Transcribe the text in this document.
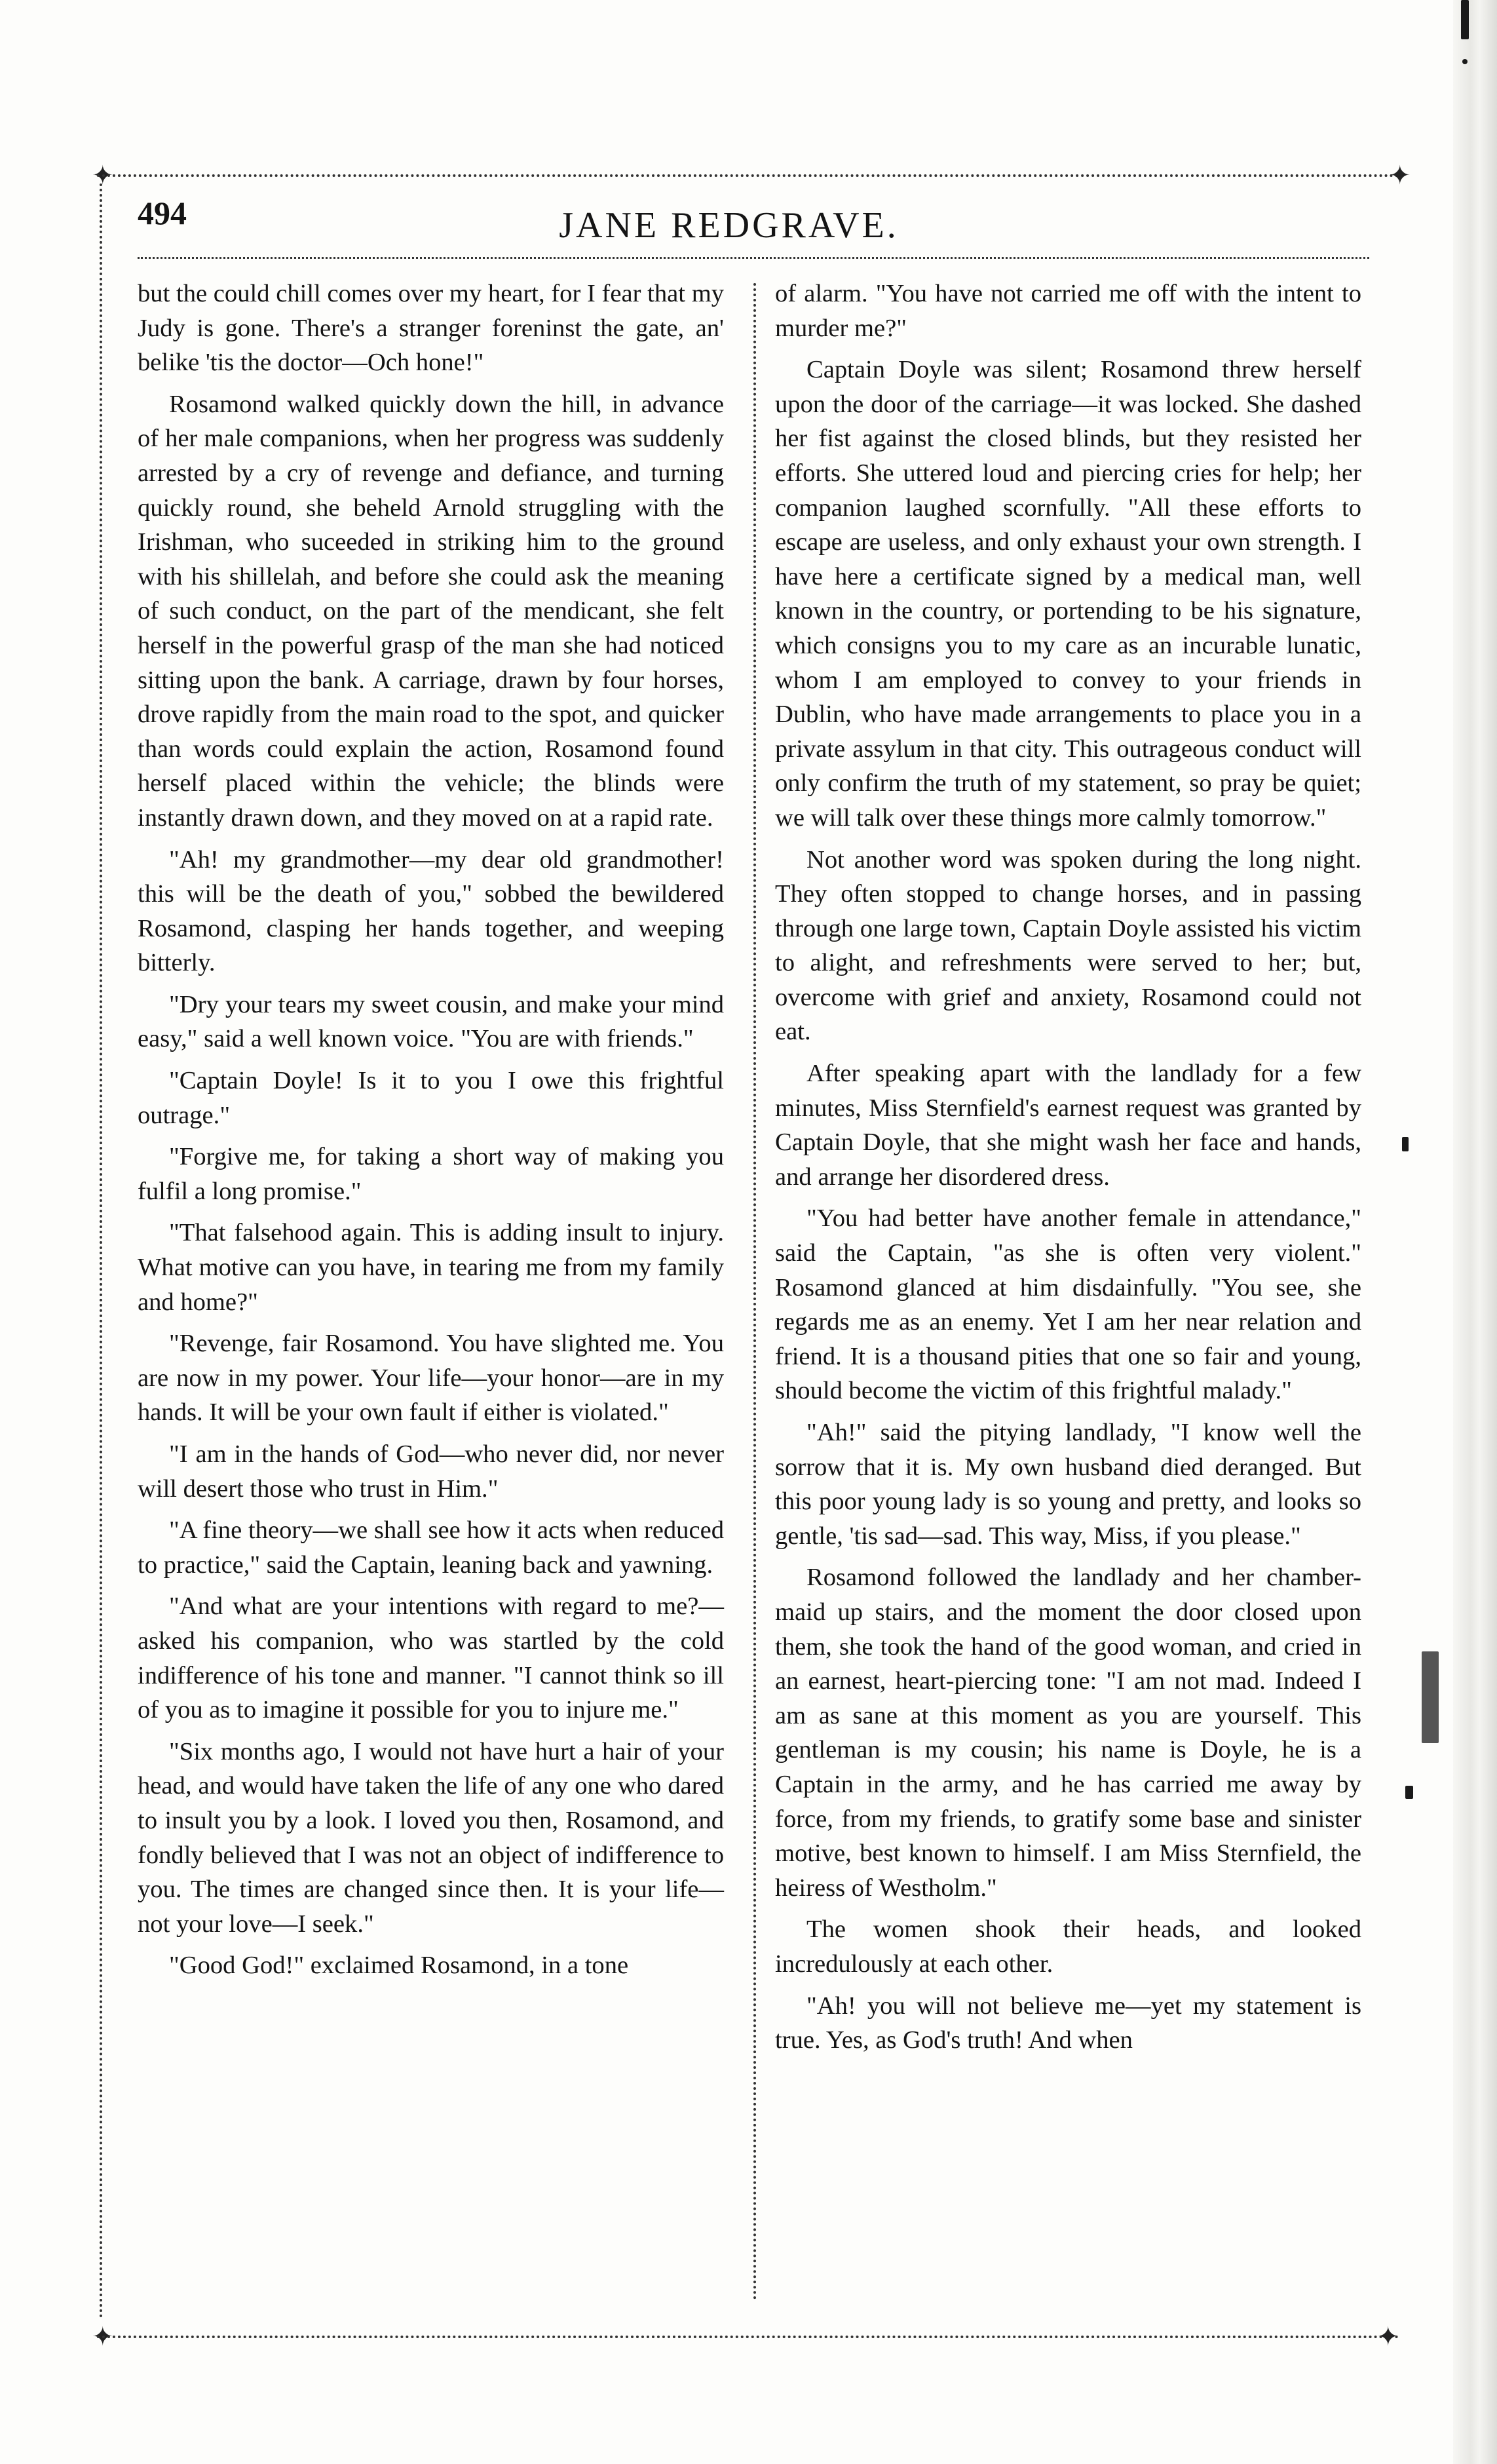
✦	✦
494	JANE REDGRAVE.

but the could chill comes over my heart, for I fear that my Judy is gone. There's a stranger foreninst the gate, an' belike 'tis the doctor—Och hone!"

Rosamond walked quickly down the hill, in advance of her male companions, when her progress was suddenly arrested by a cry of revenge and defiance, and turning quickly round, she beheld Arnold struggling with the Irishman, who suceeded in striking him to the ground with his shillelah, and before she could ask the meaning of such conduct, on the part of the mendicant, she felt herself in the powerful grasp of the man she had noticed sitting upon the bank. A carriage, drawn by four horses, drove rapidly from the main road to the spot, and quicker than words could explain the action, Rosamond found herself placed within the vehicle; the blinds were instantly drawn down, and they moved on at a rapid rate.

"Ah! my grandmother—my dear old grandmother! this will be the death of you," sobbed the bewildered Rosamond, clasping her hands together, and weeping bitterly.

"Dry your tears my sweet cousin, and make your mind easy," said a well known voice. "You are with friends."

"Captain Doyle! Is it to you I owe this frightful outrage."

"Forgive me, for taking a short way of making you fulfil a long promise."

"That falsehood again. This is adding insult to injury. What motive can you have, in tearing me from my family and home?"

"Revenge, fair Rosamond. You have slighted me. You are now in my power. Your life—your honor—are in my hands. It will be your own fault if either is violated."

"I am in the hands of God—who never did, nor never will desert those who trust in Him."

"A fine theory—we shall see how it acts when reduced to practice," said the Captain, leaning back and yawning.

"And what are your intentions with regard to me?—asked his companion, who was startled by the cold indifference of his tone and manner. "I cannot think so ill of you as to imagine it possible for you to injure me."

"Six months ago, I would not have hurt a hair of your head, and would have taken the life of any one who dared to insult you by a look. I loved you then, Rosamond, and fondly believed that I was not an object of indifference to you. The times are changed since then. It is your life—not your love—I seek."

"Good God!" exclaimed Rosamond, in a tone

of alarm. "You have not carried me off with the intent to murder me?"

Captain Doyle was silent; Rosamond threw herself upon the door of the carriage—it was locked. She dashed her fist against the closed blinds, but they resisted her efforts. She uttered loud and piercing cries for help; her companion laughed scornfully. "All these efforts to escape are useless, and only exhaust your own strength. I have here a certificate signed by a medical man, well known in the country, or portending to be his signature, which consigns you to my care as an incurable lunatic, whom I am employed to convey to your friends in Dublin, who have made arrangements to place you in a private assylum in that city. This outrageous conduct will only confirm the truth of my statement, so pray be quiet; we will talk over these things more calmly tomorrow."

Not another word was spoken during the long night. They often stopped to change horses, and in passing through one large town, Captain Doyle assisted his victim to alight, and refreshments were served to her; but, overcome with grief and anxiety, Rosamond could not eat.

After speaking apart with the landlady for a few minutes, Miss Sternfield's earnest request was granted by Captain Doyle, that she might wash her face and hands, and arrange her disordered dress.

"You had better have another female in attendance," said the Captain, "as she is often very violent." Rosamond glanced at him disdainfully. "You see, she regards me as an enemy. Yet I am her near relation and friend. It is a thousand pities that one so fair and young, should become the victim of this frightful malady."

"Ah!" said the pitying landlady, "I know well the sorrow that it is. My own husband died deranged. But this poor young lady is so young and pretty, and looks so gentle, 'tis sad—sad. This way, Miss, if you please."

Rosamond followed the landlady and her chamber-maid up stairs, and the moment the door closed upon them, she took the hand of the good woman, and cried in an earnest, heart-piercing tone: "I am not mad. Indeed I am as sane at this moment as you are yourself. This gentleman is my cousin; his name is Doyle, he is a Captain in the army, and he has carried me away by force, from my friends, to gratify some base and sinister motive, best known to himself. I am Miss Sternfield, the heiress of Westholm."

The women shook their heads, and looked incredulously at each other.

"Ah! you will not believe me—yet my statement is true. Yes, as God's truth! And when

✦	✦
